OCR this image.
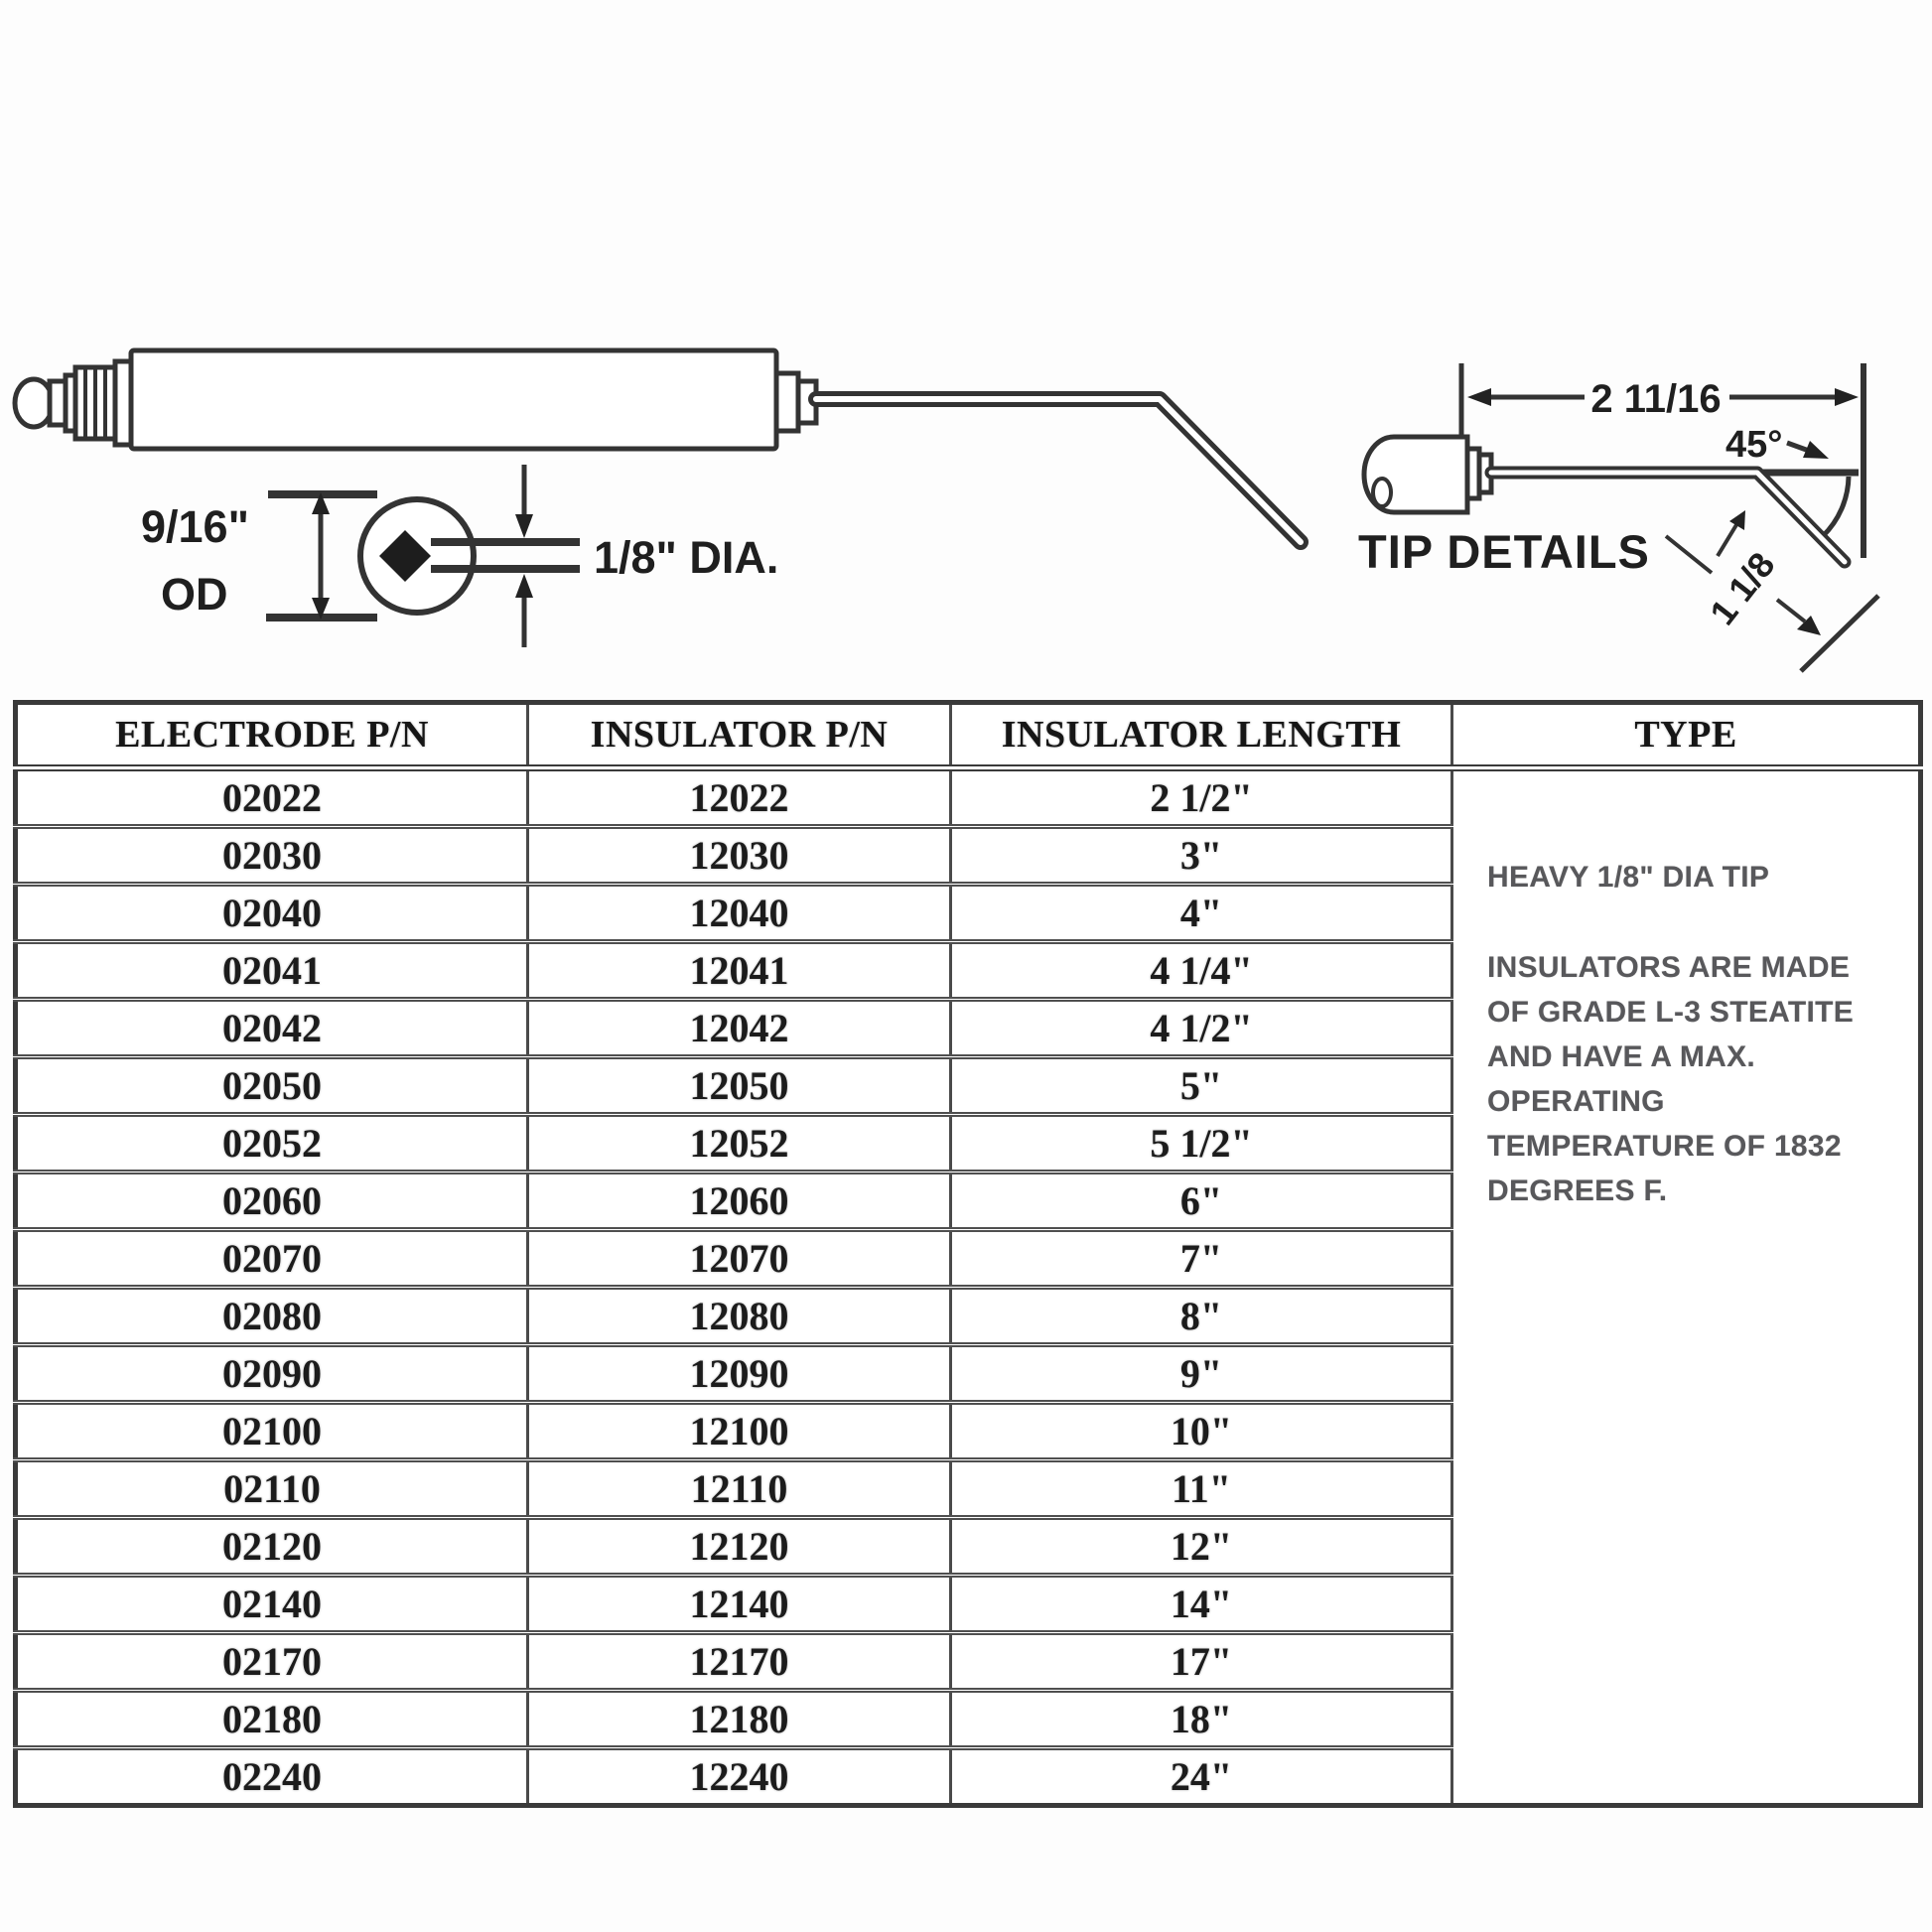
9/16"
OD
1/8" DIA.
2 11/16
45°
TIP DETAILS 1 1/8
ELECTRODE P/N	INSULATOR P/N	INSULATOR LENGTH	TYPE
02022	12022	2 1/2"	HEAVY 1/8" DIA TIP
INSULATORS ARE MADE OF GRADE L-3 STEATITE AND HAVE A MAX. OPERATING TEMPERATURE OF 1832 DEGREES F.

02030	12030	3"	
02040	12040	4"	
02041	12041	4 1/4"	
02042	12042	4 1/2"	
02050	12050	5"	
02052	12052	5 1/2"	
02060	12060	6"	
02070	12070	7"	
02080	12080	8"	
02090	12090	9"	
02100	12100	10"	
02110	12110	11"	
02120	12120	12"	
02140	12140	14"	
02170	12170	17"	
02180	12180	18"	
02240	12240	24"	
